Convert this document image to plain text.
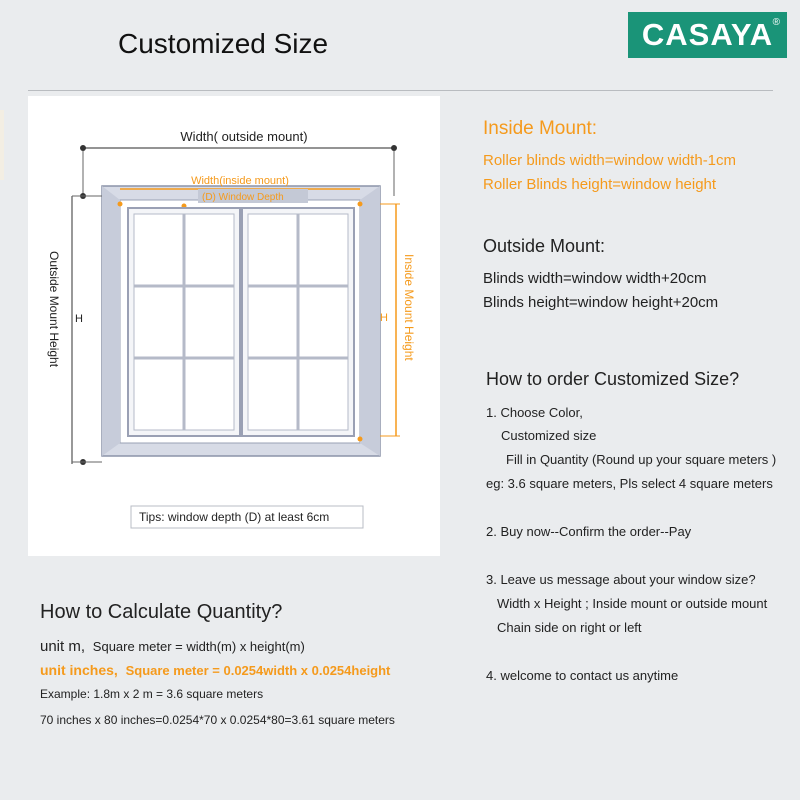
Customized Size	CASAYA ®
Width( outside mount)
Width(inside mount)
(D) Window Depth
Outside Mount Height H	Inside Mount Height
H
Tips: window depth (D) at least 6cm
Inside Mount:
Roller blinds width=window width-1cm
Roller Blinds height=window height
Outside Mount:
Blinds width=window width+20cm
Blinds height=window height+20cm
How to order Customized Size?
1. Choose Color,
Customized size
Fill in Quantity (Round up your square meters )
eg: 3.6 square meters, Pls select 4 square meters
2. Buy now--Confirm the order--Pay
3. Leave us message about your window size?
Width x Height ; Inside mount or outside mount
Chain side on right or left
4. welcome to contact us anytime
How to Calculate Quantity?
unit m, Square meter = width(m) x height(m)
unit inches, Square meter = 0.0254width x 0.0254height
Example: 1.8m x 2 m = 3.6 square meters
70 inches x 80 inches=0.0254*70 x 0.0254*80=3.61 square meters
